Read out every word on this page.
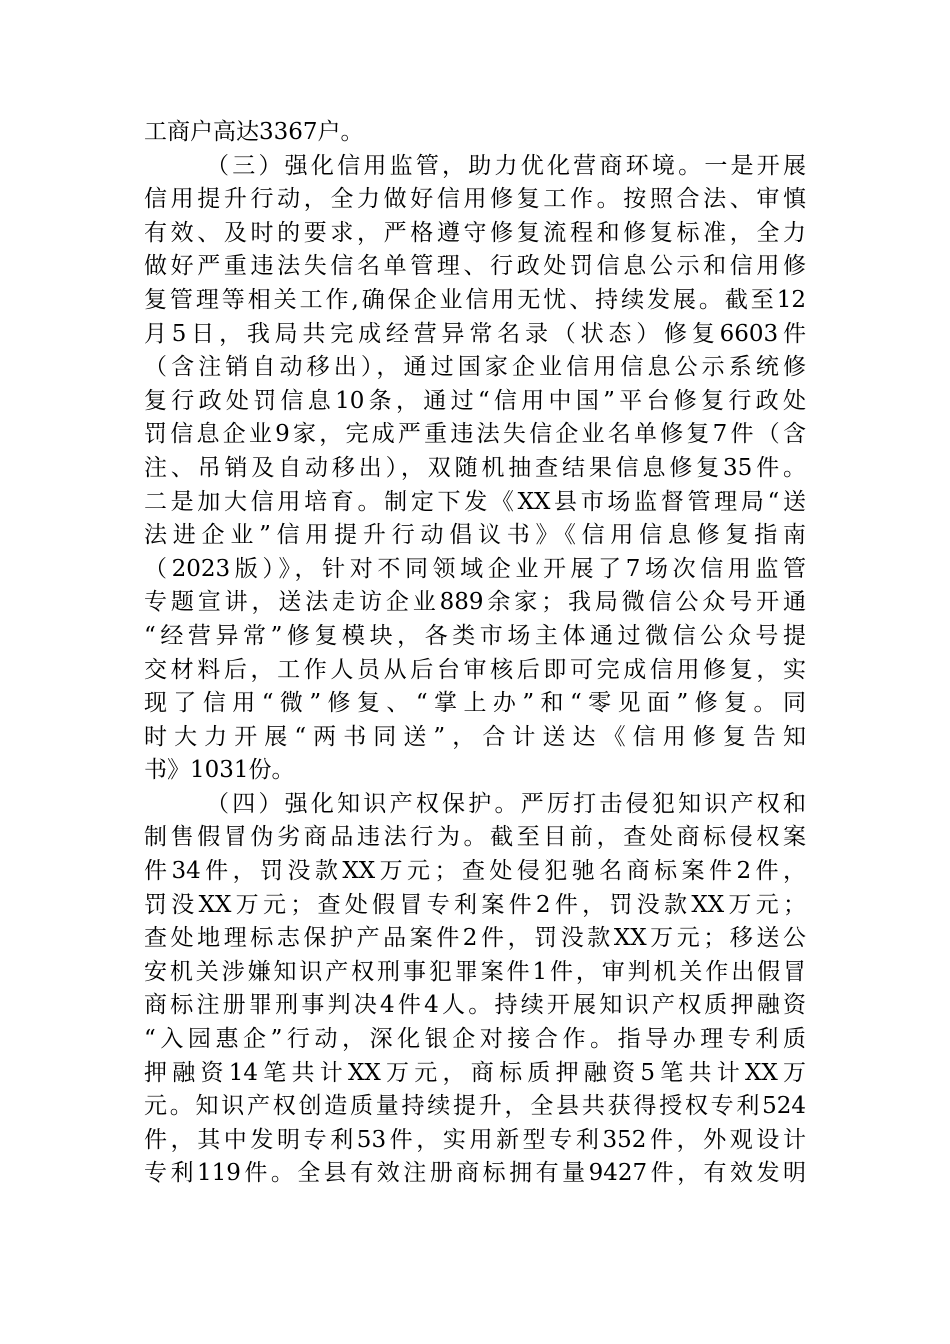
工商户高达3367户。
（三）强化信用监管，助力优化营商环境。一是开展
信用提升行动，全力做好信用修复工作。按照合法、审慎
有效、及时的要求，严格遵守修复流程和修复标准，全力
做好严重违法失信名单管理、行政处罚信息公示和信用修
复管理等相关工作,确保企业信用无忧、持续发展。截至12
月5日，我局共完成经营异常名录（状态）修复6603件
（含注销自动移出），通过国家企业信用信息公示系统修
复行政处罚信息10条，通过“信用中国”平台修复行政处
罚信息企业9家，完成严重违法失信企业名单修复7件（含
注、吊销及自动移出），双随机抽查结果信息修复35件。
二是加大信用培育。制定下发《XX县市场监督管理局“送
法进企业”信用提升行动倡议书》《信用信息修复指南
（2023版）》，针对不同领域企业开展了7场次信用监管
专题宣讲，送法走访企业889余家；我局微信公众号开通
“经营异常”修复模块，各类市场主体通过微信公众号提
交材料后，工作人员从后台审核后即可完成信用修复，实
现了信用“微”修复、“掌上办”和“零见面”修复。同
时大力开展“两书同送”，合计送达《信用修复告知
书》1031份。
（四）强化知识产权保护。严厉打击侵犯知识产权和
制售假冒伪劣商品违法行为。截至目前，查处商标侵权案
件34件，罚没款XX万元；查处侵犯驰名商标案件2件，
罚没XX万元；查处假冒专利案件2件，罚没款XX万元；
查处地理标志保护产品案件2件，罚没款XX万元；移送公
安机关涉嫌知识产权刑事犯罪案件1件，审判机关作出假冒
商标注册罪刑事判决4件4人。持续开展知识产权质押融资
“入园惠企”行动，深化银企对接合作。指导办理专利质
押融资14笔共计XX万元，商标质押融资5笔共计XX万
元。知识产权创造质量持续提升，全县共获得授权专利524
件，其中发明专利53件，实用新型专利352件，外观设计
专利119件。全县有效注册商标拥有量9427件，有效发明
